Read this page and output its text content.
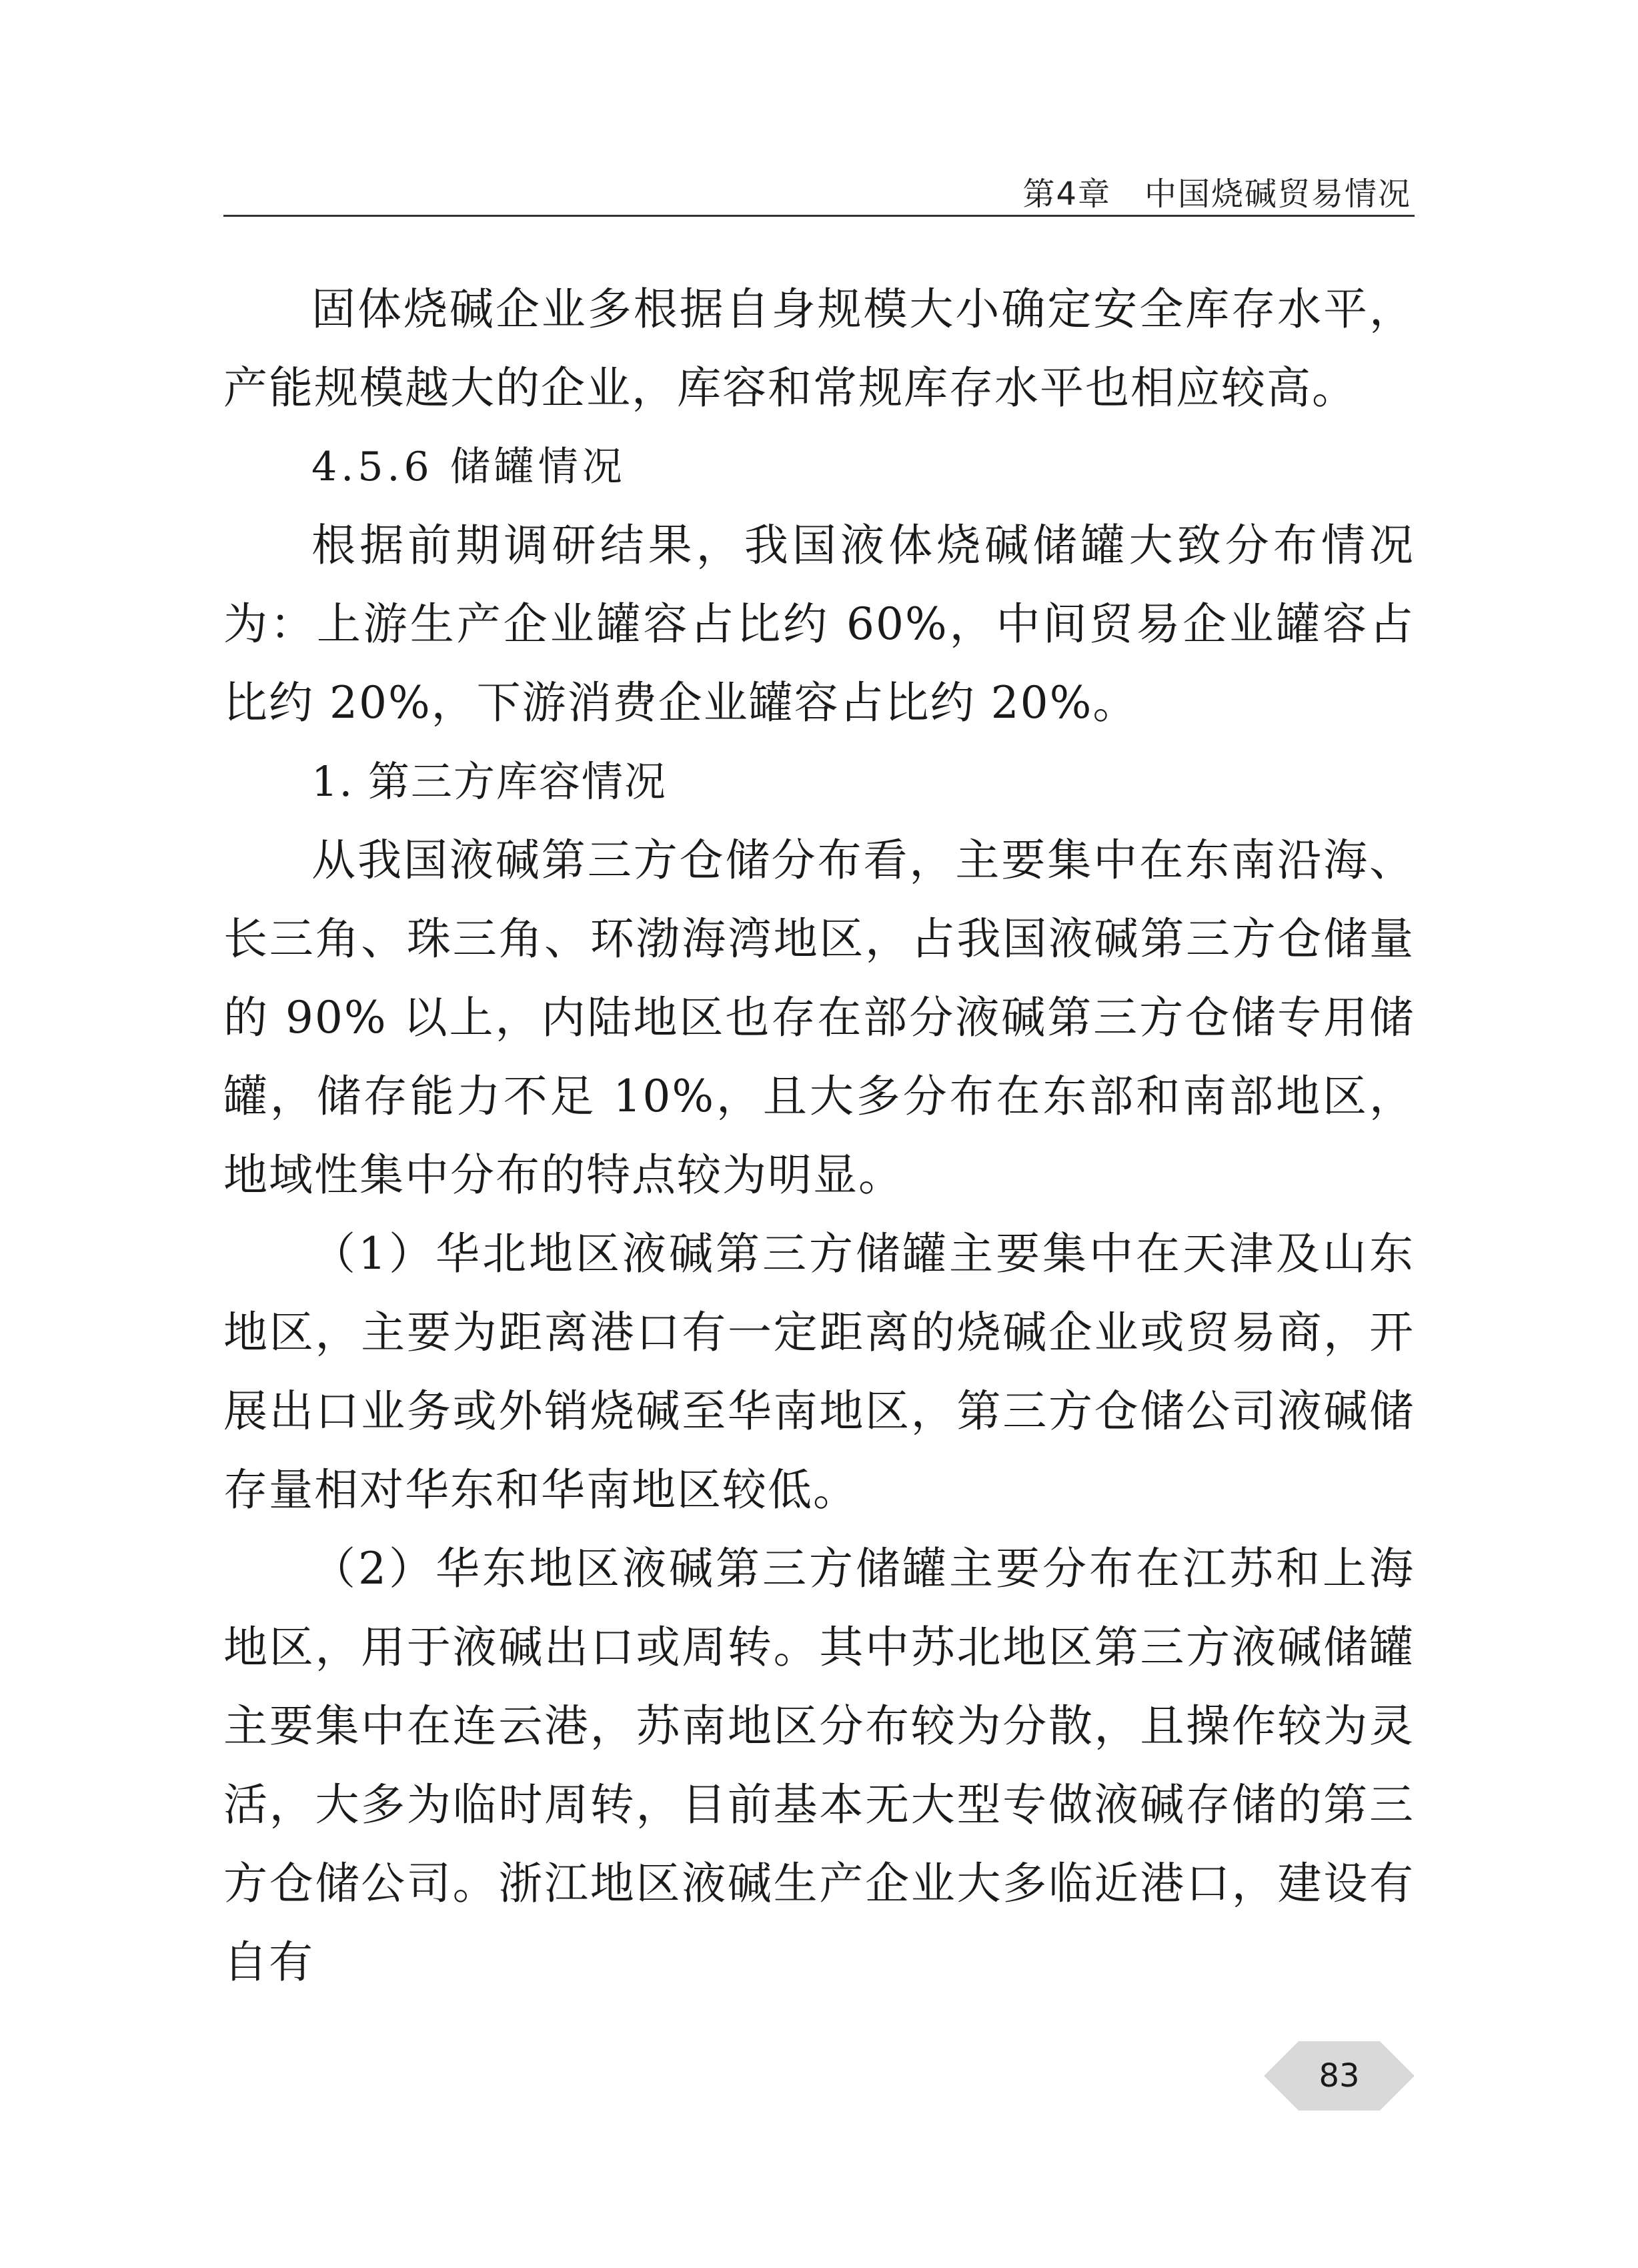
第4章 中国烧碱贸易情况

固体烧碱企业多根据自身规模大小确定安全库存水平，产能规模越大的企业，库容和常规库存水平也相应较高。

4.5.6 储罐情况

根据前期调研结果，我国液体烧碱储罐大致分布情况为：上游生产企业罐容占比约 60%，中间贸易企业罐容占比约 20%，下游消费企业罐容占比约 20%。

1. 第三方库容情况

从我国液碱第三方仓储分布看，主要集中在东南沿海、长三角、珠三角、环渤海湾地区，占我国液碱第三方仓储量的 90% 以上，内陆地区也存在部分液碱第三方仓储专用储罐，储存能力不足 10%，且大多分布在东部和南部地区，地域性集中分布的特点较为明显。

（1）华北地区液碱第三方储罐主要集中在天津及山东地区，主要为距离港口有一定距离的烧碱企业或贸易商，开展出口业务或外销烧碱至华南地区，第三方仓储公司液碱储存量相对华东和华南地区较低。

（2）华东地区液碱第三方储罐主要分布在江苏和上海地区，用于液碱出口或周转。其中苏北地区第三方液碱储罐主要集中在连云港，苏南地区分布较为分散，且操作较为灵活，大多为临时周转，目前基本无大型专做液碱存储的第三方仓储公司。浙江地区液碱生产企业大多临近港口，建设有自有

83
